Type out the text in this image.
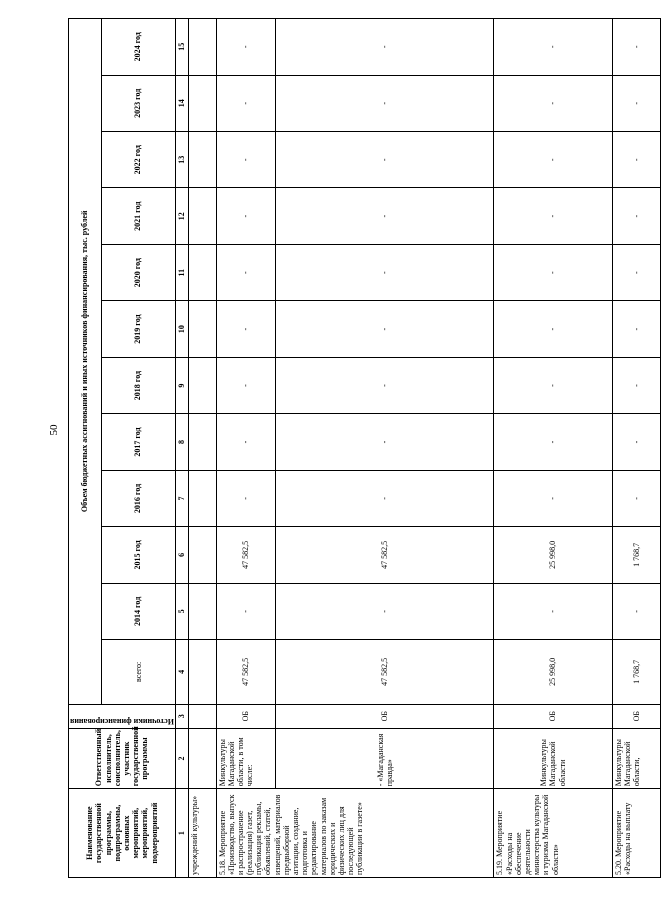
50
Наименование государственной программы, подпрограммы, основных мероприятий, мероприятий, подмероприятий	Ответственный исполнитель, соисполнитель, участник государственной программы	Источники финансирования	Объем бюджетных ассигнований и иных источников финансирования, тыс. рублей											
			всего:	2014 год	2015 год	2016 год	2017 год	2018 год	2019 год	2020 год	2021 год	2022 год	2023 год	2024 год
1	2	3	4	5	6	7	8	9	10	11	12	13	14	15
учреждений культуры»														
5.18. Мероприятие «Производство, выпуск и распространение (реализация) газет, публикация рекламы, объявлений, статей, извещений, материалов предвыборной агитации, создание, подготовка и редактирование материалов по заказам юридических и физических лиц для последующей публикации в газете»	Минкультуры Магаданской области, в том числе:	ОБ	47 582,5	-	47 582,5	-	-	-	-	-	-	-	-	-
	- «Магаданская правда»	ОБ	47 582,5	-	47 582,5	-	-	-	-	-	-	-	-	-
5.19. Мероприятие «Расходы на обеспечение деятельности министерства культуры и туризма Магаданской области»	Минкультуры Магаданской области	ОБ	25 998,0	-	25 998,0	-	-	-	-	-	-	-	-	-
5.20. Мероприятие «Расходы на выплату	Минкультуры Магаданской области,	ОБ	1 768,7	-	1 768,7	-	-	-	-	-	-	-	-	-
